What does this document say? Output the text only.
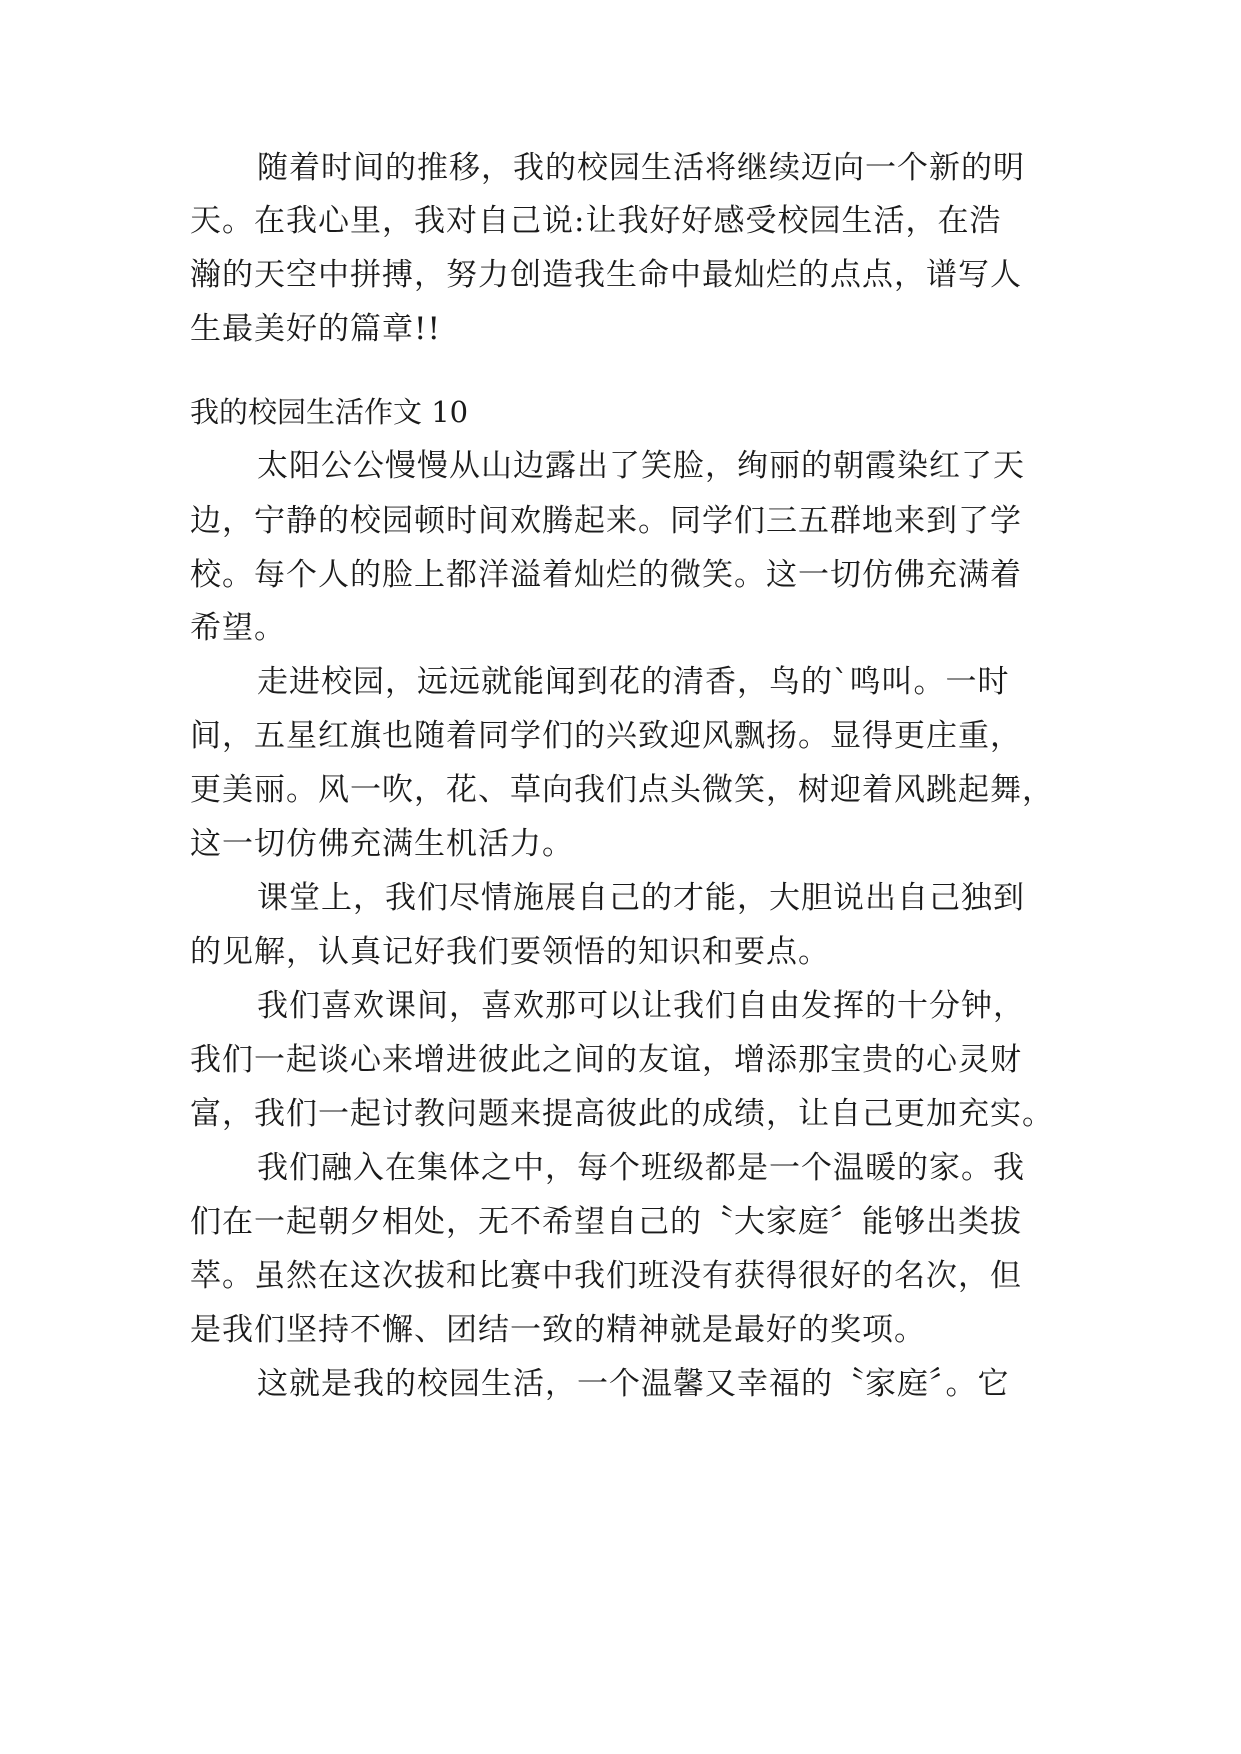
随着时间的推移，我的校园生活将继续迈向一个新的明
天。在我心里，我对自己说:让我好好感受校园生活，在浩
瀚的天空中拼搏，努力创造我生命中最灿烂的点点，谱写人
生最美好的篇章!!
我的校园生活作文 10
太阳公公慢慢从山边露出了笑脸，绚丽的朝霞染红了天
边，宁静的校园顿时间欢腾起来。同学们三五群地来到了学
校。每个人的脸上都洋溢着灿烂的微笑。这一切仿佛充满着
希望。
走进校园，远远就能闻到花的清香，鸟的`鸣叫。一时
间，五星红旗也随着同学们的兴致迎风飘扬。显得更庄重，
更美丽。风一吹，花、草向我们点头微笑，树迎着风跳起舞，
这一切仿佛充满生机活力。
课堂上，我们尽情施展自己的才能，大胆说出自己独到
的见解，认真记好我们要领悟的知识和要点。
我们喜欢课间，喜欢那可以让我们自由发挥的十分钟，
我们一起谈心来增进彼此之间的友谊，增添那宝贵的心灵财
富，我们一起讨教问题来提高彼此的成绩，让自己更加充实。
我们融入在集体之中，每个班级都是一个温暖的家。我
们在一起朝夕相处，无不希望自己的〝大家庭〞能够出类拔
萃。虽然在这次拔和比赛中我们班没有获得很好的名次，但
是我们坚持不懈、团结一致的精神就是最好的奖项。
这就是我的校园生活，一个温馨又幸福的〝家庭〞。它
